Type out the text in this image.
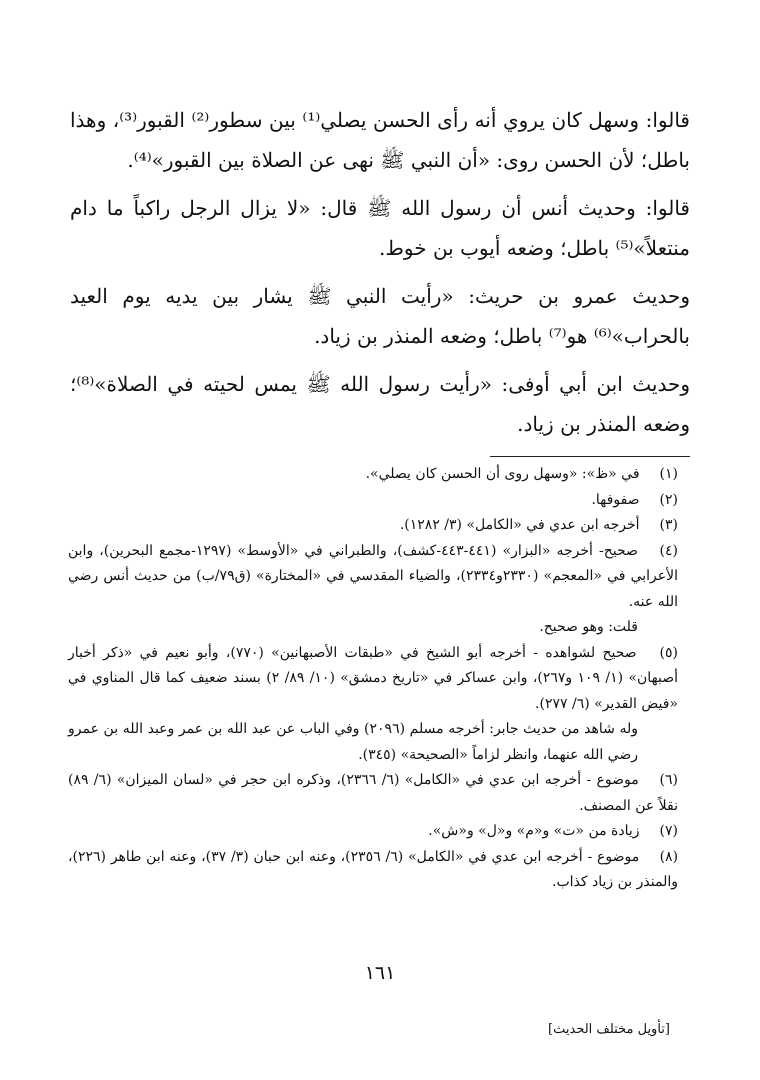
قالوا: وسهل كان يروي أنه رأى الحسن يصلي⁽¹⁾ بين سطور⁽²⁾ القبور⁽³⁾، وهذا باطل؛ لأن الحسن روى: «أن النبي ﷺ نهى عن الصلاة بين القبور»⁽⁴⁾.

قالوا: وحديث أنس أن رسول الله ﷺ قال: «لا يزال الرجل راكباً ما دام منتعلاً»⁽⁵⁾ باطل؛ وضعه أيوب بن خوط.

وحديث عمرو بن حريث: «رأيت النبي ﷺ يشار بين يديه يوم العيد بالحراب»⁽⁶⁾ هو⁽⁷⁾ باطل؛ وضعه المنذر بن زياد.

وحديث ابن أبي أوفى: «رأيت رسول الله ﷺ يمس لحيته في الصلاة»⁽⁸⁾؛ وضعه المنذر بن زياد.

(١) في «ظ»: «وسهل روى أن الحسن كان يصلي».

(٢) صفوفها.

(٣) أخرجه ابن عدي في «الكامل» (٣/ ١٢٨٢).

(٤) صحيح- أخرجه «البزار» (٤٤١-٤٤٣-كشف)، والطبراني في «الأوسط» (١٢٩٧-مجمع البحرين)، وابن الأعرابي في «المعجم» (٢٣٣٠و٢٣٣٤)، والضياء المقدسي في «المختارة» (ق٧٩/ب) من حديث أنس رضي الله عنه.

قلت: وهو صحيح.

(٥) صحيح لشواهده - أخرجه أبو الشيخ في «طبقات الأصبهانين» (٧٧٠)، وأبو نعيم في «ذكر أخبار أصبهان» (١/ ١٠٩ و٢٦٧)، وابن عساكر في «تاريخ دمشق» (١٠/ ٨٩/ ٢) بسند ضعيف كما قال المناوي في «فيض القدير» (٦/ ٢٧٧).

وله شاهد من حديث جابر: أخرجه مسلم (٢٠٩٦) وفي الباب عن عبد الله بن عمر وعبد الله بن عمرو رضي الله عنهما، وانظر لزاماً «الصحيحة» (٣٤٥).

(٦) موضوع - أخرجه ابن عدي في «الكامل» (٦/ ٢٣٦٦)، وذكره ابن حجر في «لسان الميزان» (٦/ ٨٩) نقلاً عن المصنف.

(٧) زيادة من «ت» و«م» و«ل» و«ش».

(٨) موضوع - أخرجه ابن عدي في «الكامل» (٦/ ٢٣٥٦)، وعنه ابن حبان (٣/ ٣٧)، وعنه ابن طاهر (٢٢٦)، والمنذر بن زياد كذاب.

١٦١
[تأويل مختلف الحديث]
